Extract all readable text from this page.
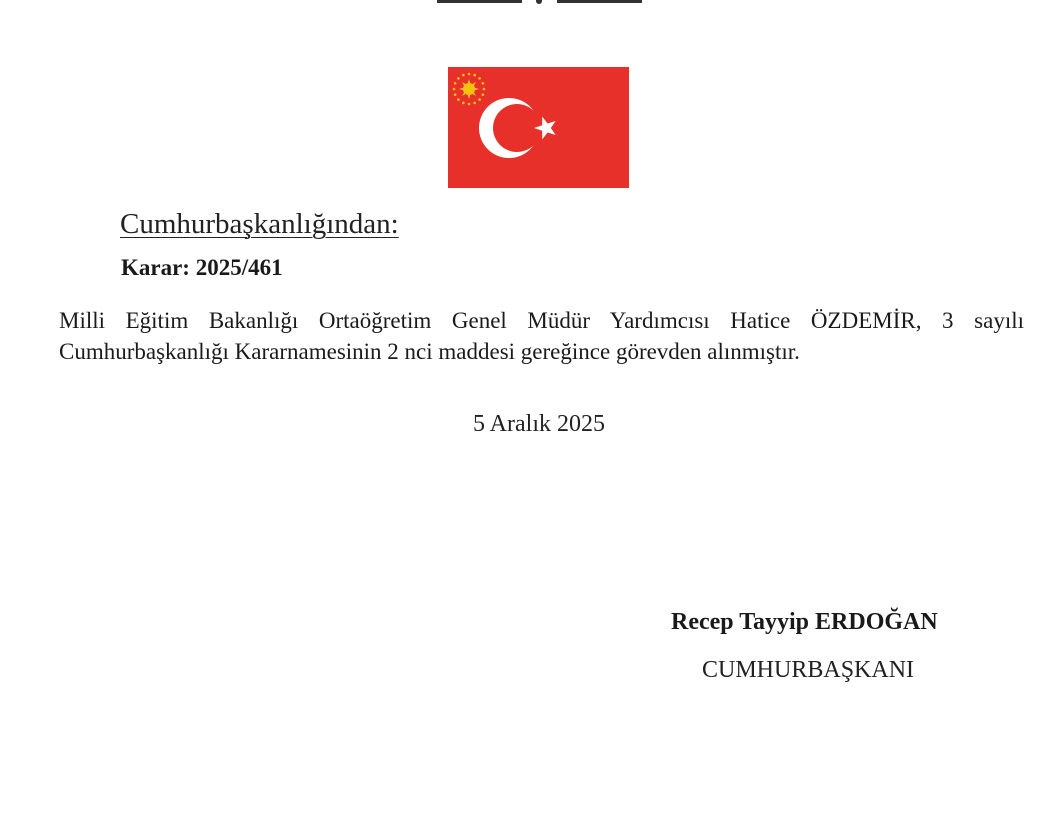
Cumhurbaşkanlığından:
Karar: 2025/461
Milli Eğitim Bakanlığı Ortaöğretim Genel Müdür Yardımcısı Hatice ÖZDEMİR, 3 sayılı
Cumhurbaşkanlığı Kararnamesinin 2 nci maddesi gereğince görevden alınmıştır.
5 Aralık 2025
Recep Tayyip ERDOĞAN
CUMHURBAŞKANI
